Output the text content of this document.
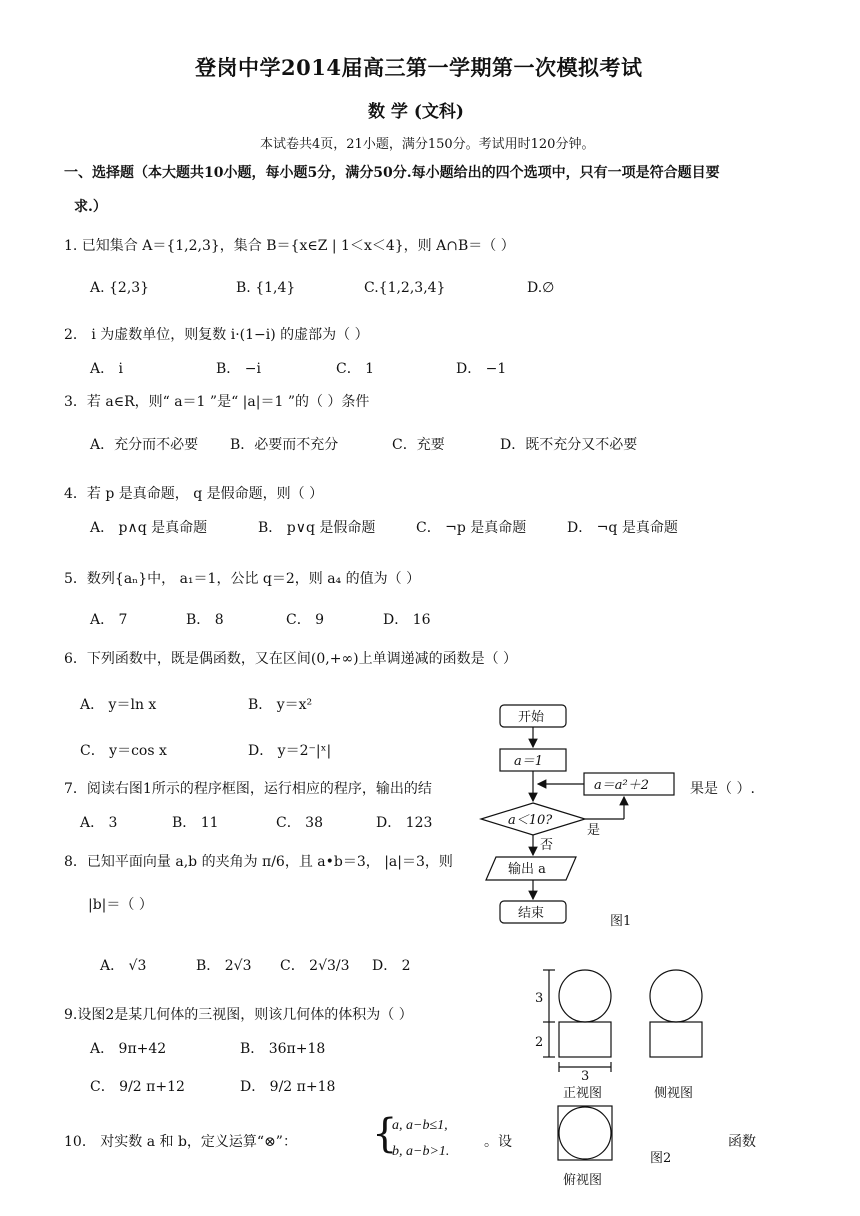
登岗中学2014届高三第一学期第一次模拟考试
数 学 (文科)
本试卷共4页，21小题，满分150分。考试用时120分钟。
一、选择题（本大题共10小题，每小题5分，满分50分.每小题给出的四个选项中，只有一项是符合题目要
求.）
1. 已知集合 A＝{1,2,3}，集合 B＝{x∈Z | 1＜x＜4}，则 A∩B＝（ ）
A. {2,3}	B. {1,4}	C.{1,2,3,4}	D.∅
2． i 为虚数单位，则复数 i·(1−i) 的虚部为（ ）
A． i	B． −i	C． 1	D． −1
3．若 a∈R，则“ a＝1 ”是“ |a|＝1 ”的（ ）条件
A．充分而不必要 B．必要而不充分	C．充要	D．既不充分又不必要
4．若 p 是真命题， q 是假命题，则（ ）
A． p∧q 是真命题	B． p∨q 是假命题	C． ¬p 是真命题	D． ¬q 是真命题
5．数列{aₙ}中， a₁＝1，公比 q＝2，则 a₄ 的值为（ ）
A． 7	B． 8	C． 9	D． 16
6．下列函数中，既是偶函数，又在区间(0,+∞)上单调递减的函数是（ ）
A． y＝ln x	B． y＝x²
C． y＝cos x	D． y＝2⁻|ˣ|
7．阅读右图1所示的程序框图，运行相应的程序，输出的结	果是（ ）.
A． 3	B． 11	C． 38	D． 123
8．已知平面向量 a,b 的夹角为 π/6，且 a•b＝3， |a|＝3，则
|b|＝（ ）
A． √3	B． 2√3 C． 2√3/3 D． 2
9.设图2是某几何体的三视图，则该几何体的体积为（ ）
A． 9π+42	B． 36π+18
C． 9/2 π+12	D． 9/2 π+18
10． 对实数 a 和 b，定义运算“⊗”： {
a, a−b≤1,
b, a−b>1.
。设	函数
开始
a＝1
a＝a²＋2
a＜10?
是
否
输出 a
结束
图1
3
2
3
正视图	侧视图
俯视图
图2
